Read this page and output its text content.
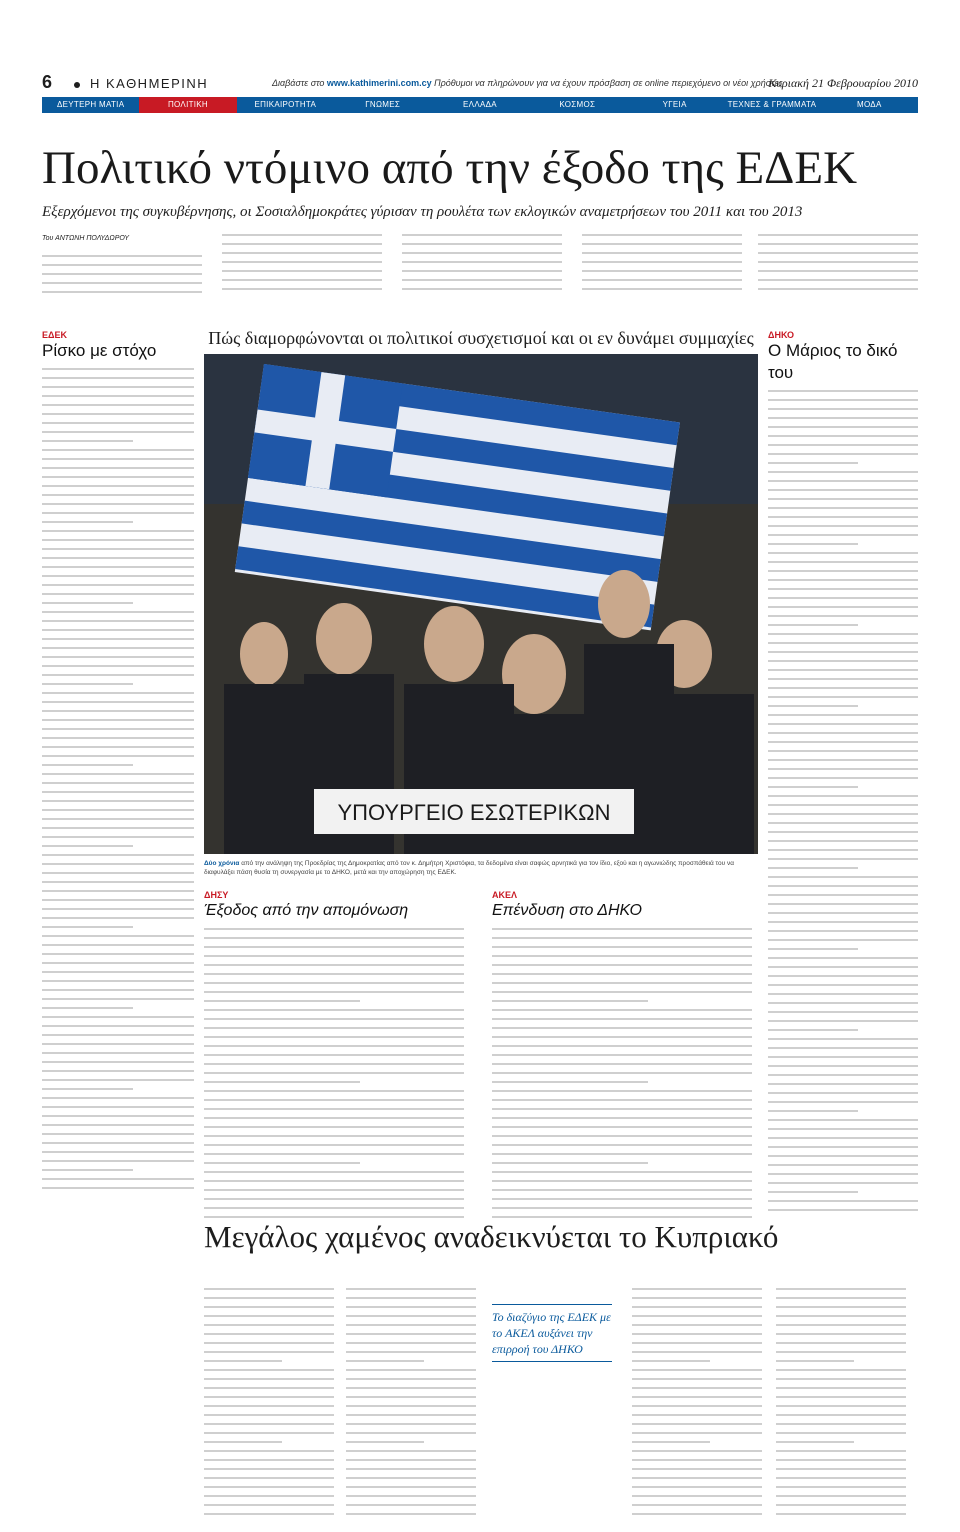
6	Η ΚΑΘΗΜΕΡΙΝΗ	Διαβάστε στο www.kathimerini.com.cy Πρόθυμοι να πληρώνουν για να έχουν πρόσβαση σε online περιεχόμενο οι νέοι χρήστες
Κυριακή 21 Φεβρουαρίου 2010
ΔΕΥΤΕΡΗ ΜΑΤΙΑ	ΠΟΛΙΤΙΚΗ	ΕΠΙΚΑΙΡΟΤΗΤΑ	ΓΝΩΜΕΣ	ΕΛΛΑΔΑ	ΚΟΣΜΟΣ	ΥΓΕΙΑ	ΤΕΧΝΕΣ & ΓΡΑΜΜΑΤΑ	ΜΟΔΑ
Πολιτικό ντόμινο από την έξοδο της ΕΔΕΚ
Εξερχόμενοι της συγκυβέρνησης, οι Σοσιαλδημοκράτες γύρισαν τη ρουλέτα των εκλογικών αναμετρήσεων του 2011 και του 2013
Του ΑΝΤΩΝΗ ΠΟΛΥΔΩΡΟΥ
ΕΔΕΚ
Ρίσκο με στόχο
ΔΗΚΟ
Ο Μάριος το δικό του
Πώς διαμορφώνονται οι πολιτικοί συσχετισμοί και οι εν δυνάμει συμμαχίες
ΥΠΟΥΡΓΕΙΟ ΕΣΩΤΕΡΙΚΩΝ
Δύο χρόνια από την ανάληψη της Προεδρίας της Δημοκρατίας από τον κ. Δημήτρη Χριστόφια, τα δεδομένα είναι σαφώς αρνητικά για τον ίδιο, εξού και η αγωνιώδης προσπάθειά του να διαφυλάξει πάση θυσία τη συνεργασία με το ΔΗΚΟ, μετά και την αποχώρηση της ΕΔΕΚ.
ΔΗΣΥ
Έξοδος από την απομόνωση
ΑΚΕΛ
Επένδυση στο ΔΗΚΟ
Μεγάλος χαμένος αναδεικνύεται το Κυπριακό
Το διαζύγιο της ΕΔΕΚ με το ΑΚΕΛ αυξάνει την επιρροή του ΔΗΚΟ
